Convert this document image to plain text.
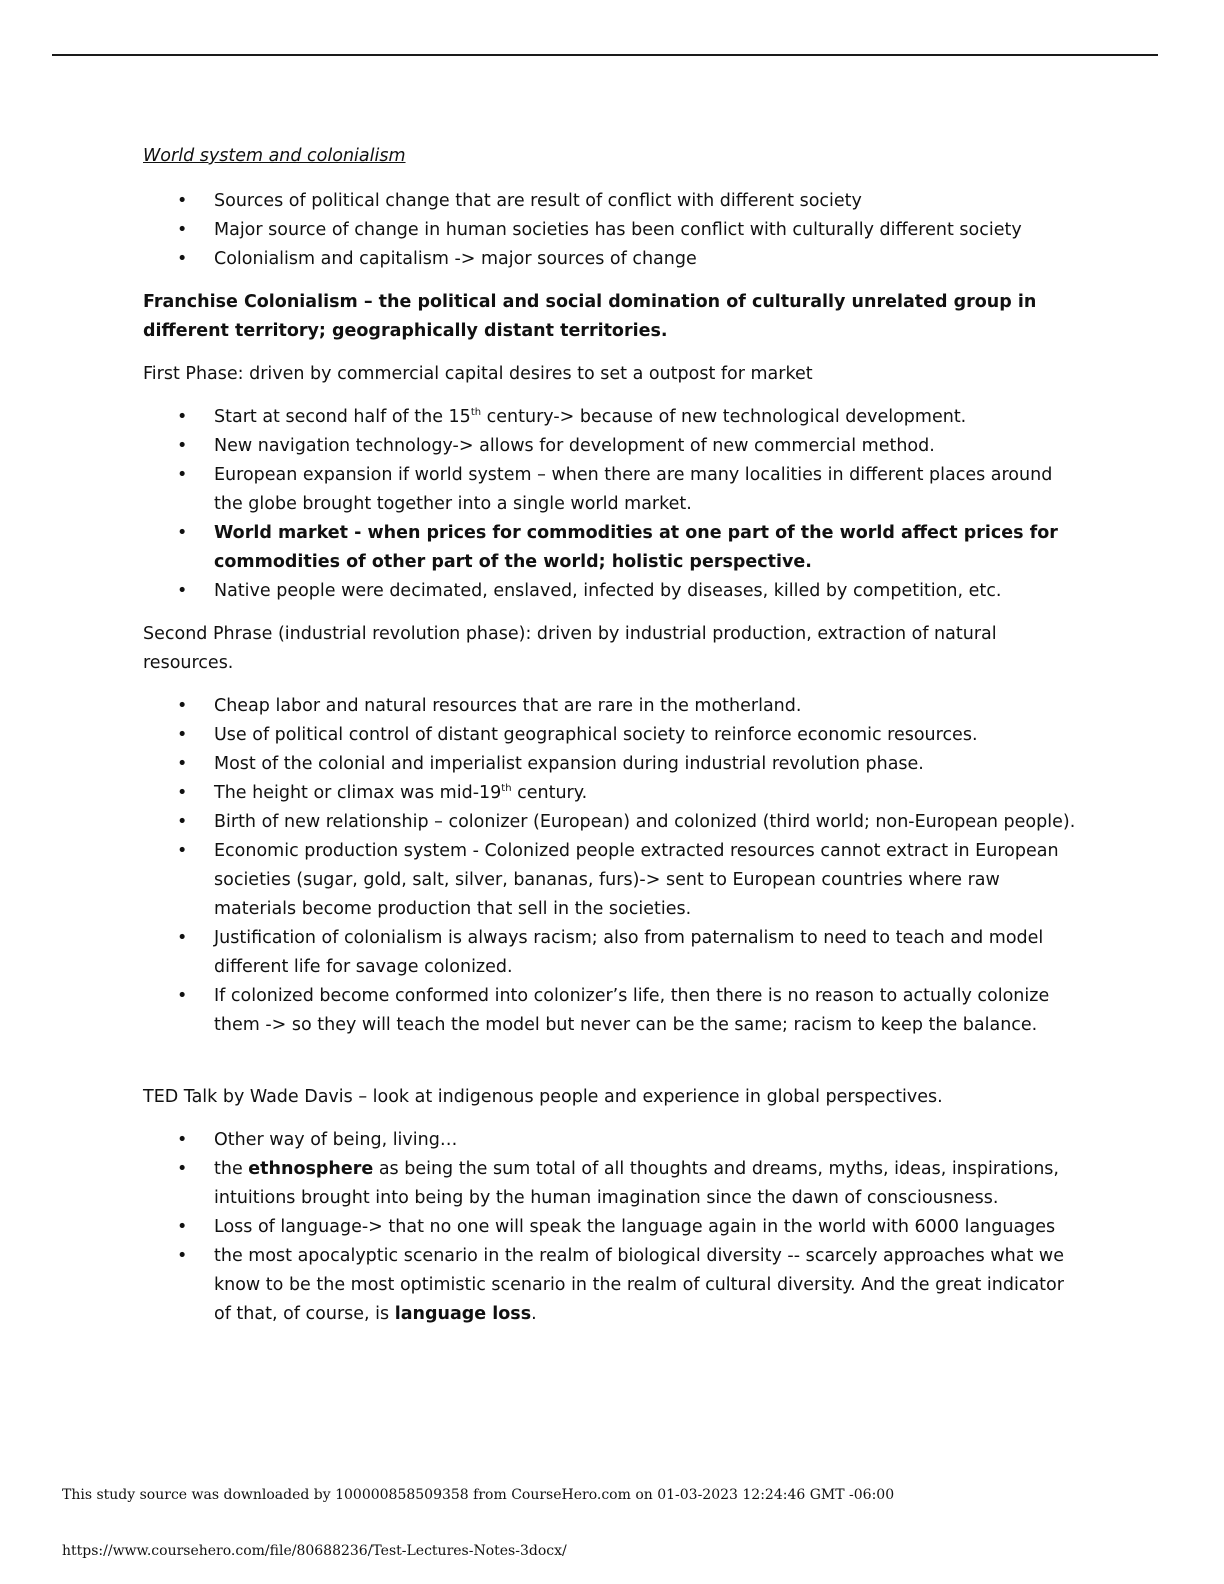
World system and colonialism

• Sources of political change that are result of conflict with different society
• Major source of change in human societies has been conflict with culturally different society
• Colonialism and capitalism -> major sources of change

Franchise Colonialism – the political and social domination of culturally unrelated group in different territory; geographically distant territories.

First Phase: driven by commercial capital desires to set a outpost for market

• Start at second half of the 15th century-> because of new technological development.
• New navigation technology-> allows for development of new commercial method.
• European expansion if world system – when there are many localities in different places around the globe brought together into a single world market.
• World market - when prices for commodities at one part of the world affect prices for commodities of other part of the world; holistic perspective.
• Native people were decimated, enslaved, infected by diseases, killed by competition, etc.

Second Phrase (industrial revolution phase): driven by industrial production, extraction of natural resources.

• Cheap labor and natural resources that are rare in the motherland.
• Use of political control of distant geographical society to reinforce economic resources.
• Most of the colonial and imperialist expansion during industrial revolution phase.
• The height or climax was mid-19th century.
• Birth of new relationship – colonizer (European) and colonized (third world; non-European people).
• Economic production system - Colonized people extracted resources cannot extract in European societies (sugar, gold, salt, silver, bananas, furs)-> sent to European countries where raw materials become production that sell in the societies.
• Justification of colonialism is always racism; also from paternalism to need to teach and model different life for savage colonized.
• If colonized become conformed into colonizer’s life, then there is no reason to actually colonize them -> so they will teach the model but never can be the same; racism to keep the balance.

TED Talk by Wade Davis – look at indigenous people and experience in global perspectives.

• Other way of being, living…
• the ethnosphere as being the sum total of all thoughts and dreams, myths, ideas, inspirations, intuitions brought into being by the human imagination since the dawn of consciousness.
• Loss of language-> that no one will speak the language again in the world with 6000 languages
• the most apocalyptic scenario in the realm of biological diversity -- scarcely approaches what we know to be the most optimistic scenario in the realm of cultural diversity. And the great indicator of that, of course, is language loss.
This study source was downloaded by 100000858509358 from CourseHero.com on 01-03-2023 12:24:46 GMT -06:00
https://www.coursehero.com/file/80688236/Test-Lectures-Notes-3docx/
